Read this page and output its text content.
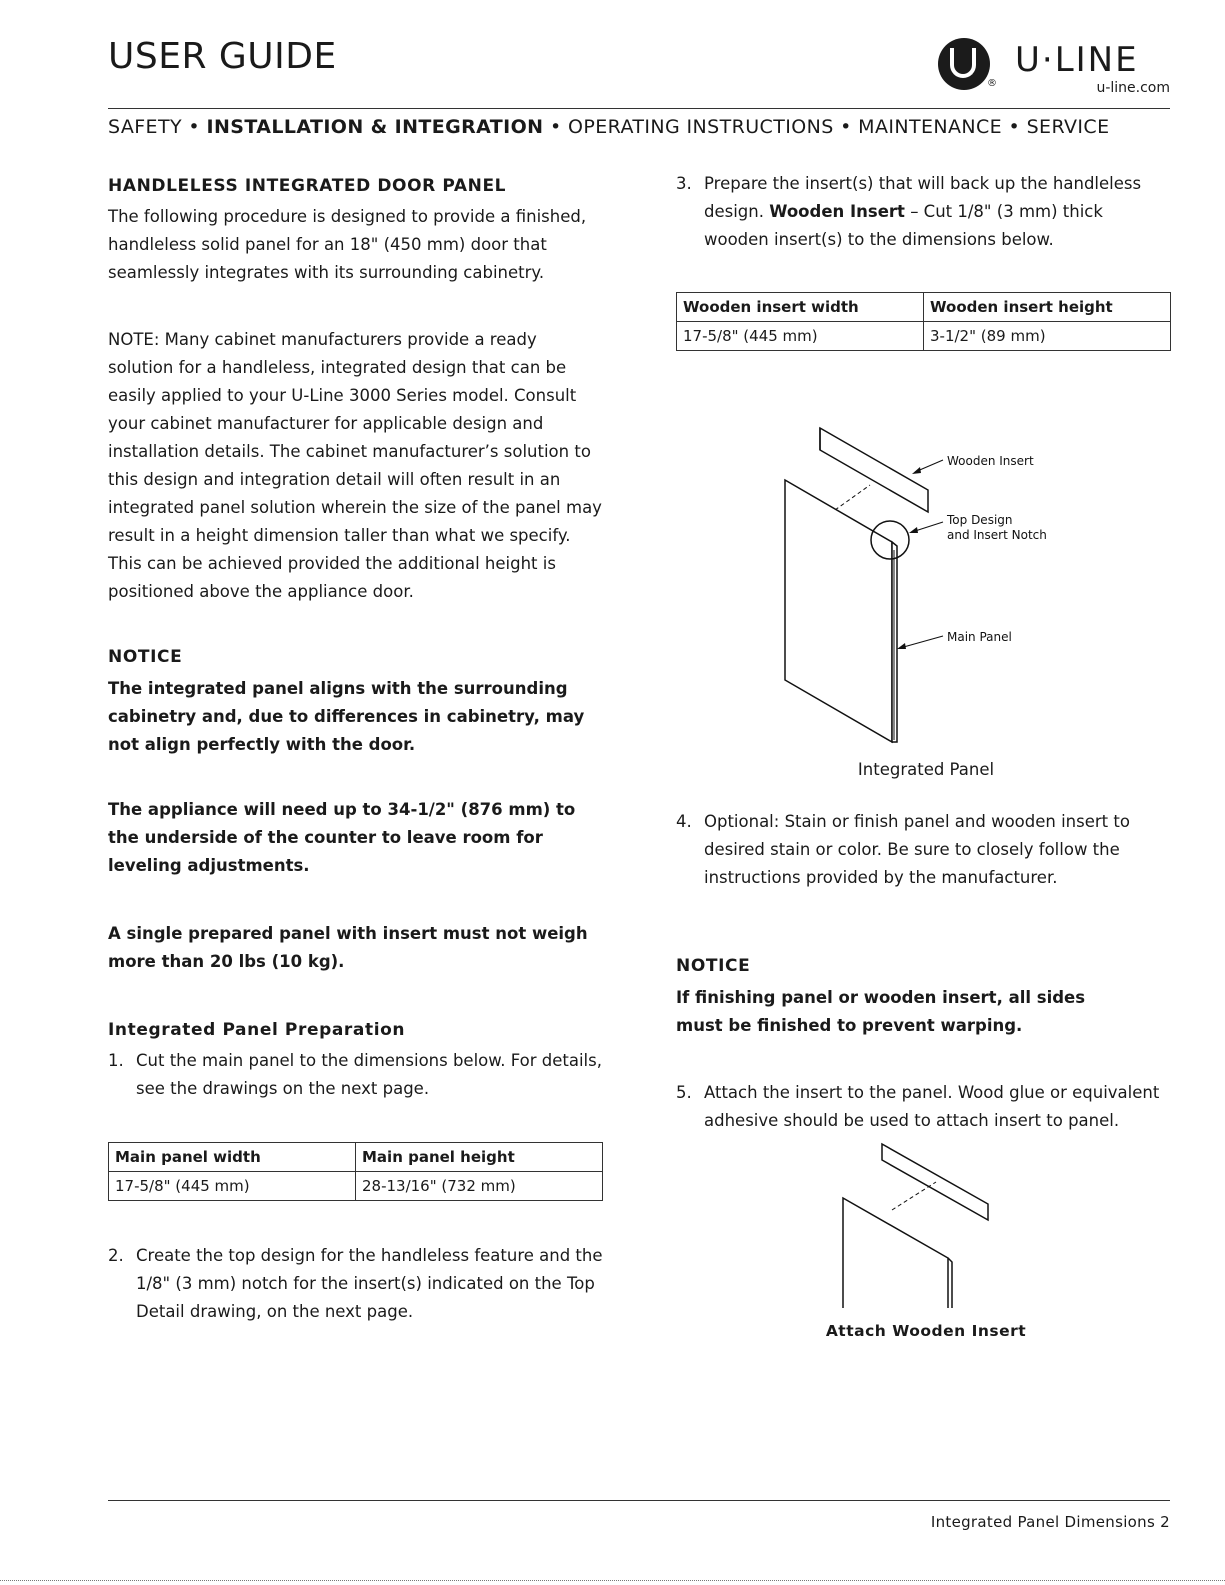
USER GUIDE
®
U·LINE
u-line.com
SAFETY • INSTALLATION & INTEGRATION • OPERATING INSTRUCTIONS • MAINTENANCE • SERVICE
HANDLELESS INTEGRATED DOOR PANEL

The following procedure is designed to provide a finished, handleless solid panel for an 18" (450 mm) door that seamlessly integrates with its surrounding cabinetry.

NOTE: Many cabinet manufacturers provide a ready solution for a handleless, integrated design that can be easily applied to your U-Line 3000 Series model. Consult your cabinet manufacturer for applicable design and installation details. The cabinet manufacturer’s solution to this design and integration detail will often result in an integrated panel solution wherein the size of the panel may result in a height dimension taller than what we specify. This can be achieved provided the additional height is positioned above the appliance door.

NOTICE

The integrated panel aligns with the surrounding cabinetry and, due to differences in cabinetry, may not align perfectly with the door.

The appliance will need up to 34-1/2" (876 mm) to the underside of the counter to leave room for leveling adjustments.

A single prepared panel with insert must not weigh more than 20 lbs (10 kg).

Integrated Panel Preparation
1. Cut the main panel to the dimensions below. For details, see the drawings on the next page.
Main panel width	Main panel height
17-5/8" (445 mm)	28-13/16" (732 mm)
2. Create the top design for the handleless feature and the 1/8" (3 mm) notch for the insert(s) indicated on the Top Detail drawing, on the next page.
3. Prepare the insert(s) that will back up the handleless design. Wooden Insert – Cut 1/8" (3 mm) thick wooden insert(s) to the dimensions below.
Wooden insert width	Wooden insert height
17-5/8" (445 mm)	3-1/2" (89 mm)
Wooden Insert
Top Design
and Insert Notch
Main Panel
Integrated Panel
4. Optional: Stain or finish panel and wooden insert to desired stain or color. Be sure to closely follow the instructions provided by the manufacturer.
NOTICE

If finishing panel or wooden insert, all sides must be finished to prevent warping.

5. Attach the insert to the panel. Wood glue or equivalent adhesive should be used to attach insert to panel.
Attach Wooden Insert
Integrated Panel Dimensions 2
